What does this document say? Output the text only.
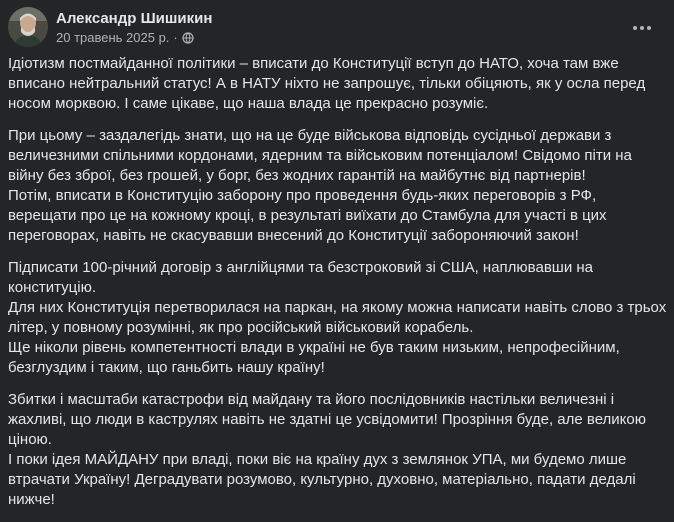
Александр Шишикин
20 травень 2025 р. ·

Ідіотизм постмайданної політики – вписати до Конституції вступ до НАТО, хоча там вже
вписано нейтральний статус! А в НАТУ ніхто не запрошує, тільки обіцяють, як у осла перед
носом морквою. І саме цікаве, що наша влада це прекрасно розуміє.

При цьому – заздалегідь знати, що на це буде військова відповідь сусідньої держави з
величезними спільними кордонами, ядерним та військовим потенціалом! Свідомо піти на
війну без зброї, без грошей, у борг, без жодних гарантій на майбутнє від партнерів!
Потім, вписати в Конституцію заборону про проведення будь-яких переговорів з РФ,
верещати про це на кожному кроці, в результаті виїхати до Стамбула для участі в цих
переговорах, навіть не скасувавши внесений до Конституції забороняючий закон!

Підписати 100-річний договір з англійцями та безстроковий зі США, наплювавши на
конституцію.
Для них Конституція перетворилася на паркан, на якому можна написати навіть слово з трьох
літер, у повному розумінні, як про російський військовий корабель.
Ще ніколи рівень компетентності влади в україні не був таким низьким, непрофесійним,
безглуздим і таким, що ганьбить нашу країну!

Збитки і масштаби катастрофи від майдану та його послідовників настільки величезні і
жахливі, що люди в каструлях навіть не здатні це усвідомити! Прозріння буде, але великою
ціною.
І поки ідея МАЙДАНУ при владі, поки віє на країну дух з землянок УПА, ми будемо лише
втрачати Україну! Деградувати розумово, культурно, духовно, матеріально, падати дедалі
нижче!
